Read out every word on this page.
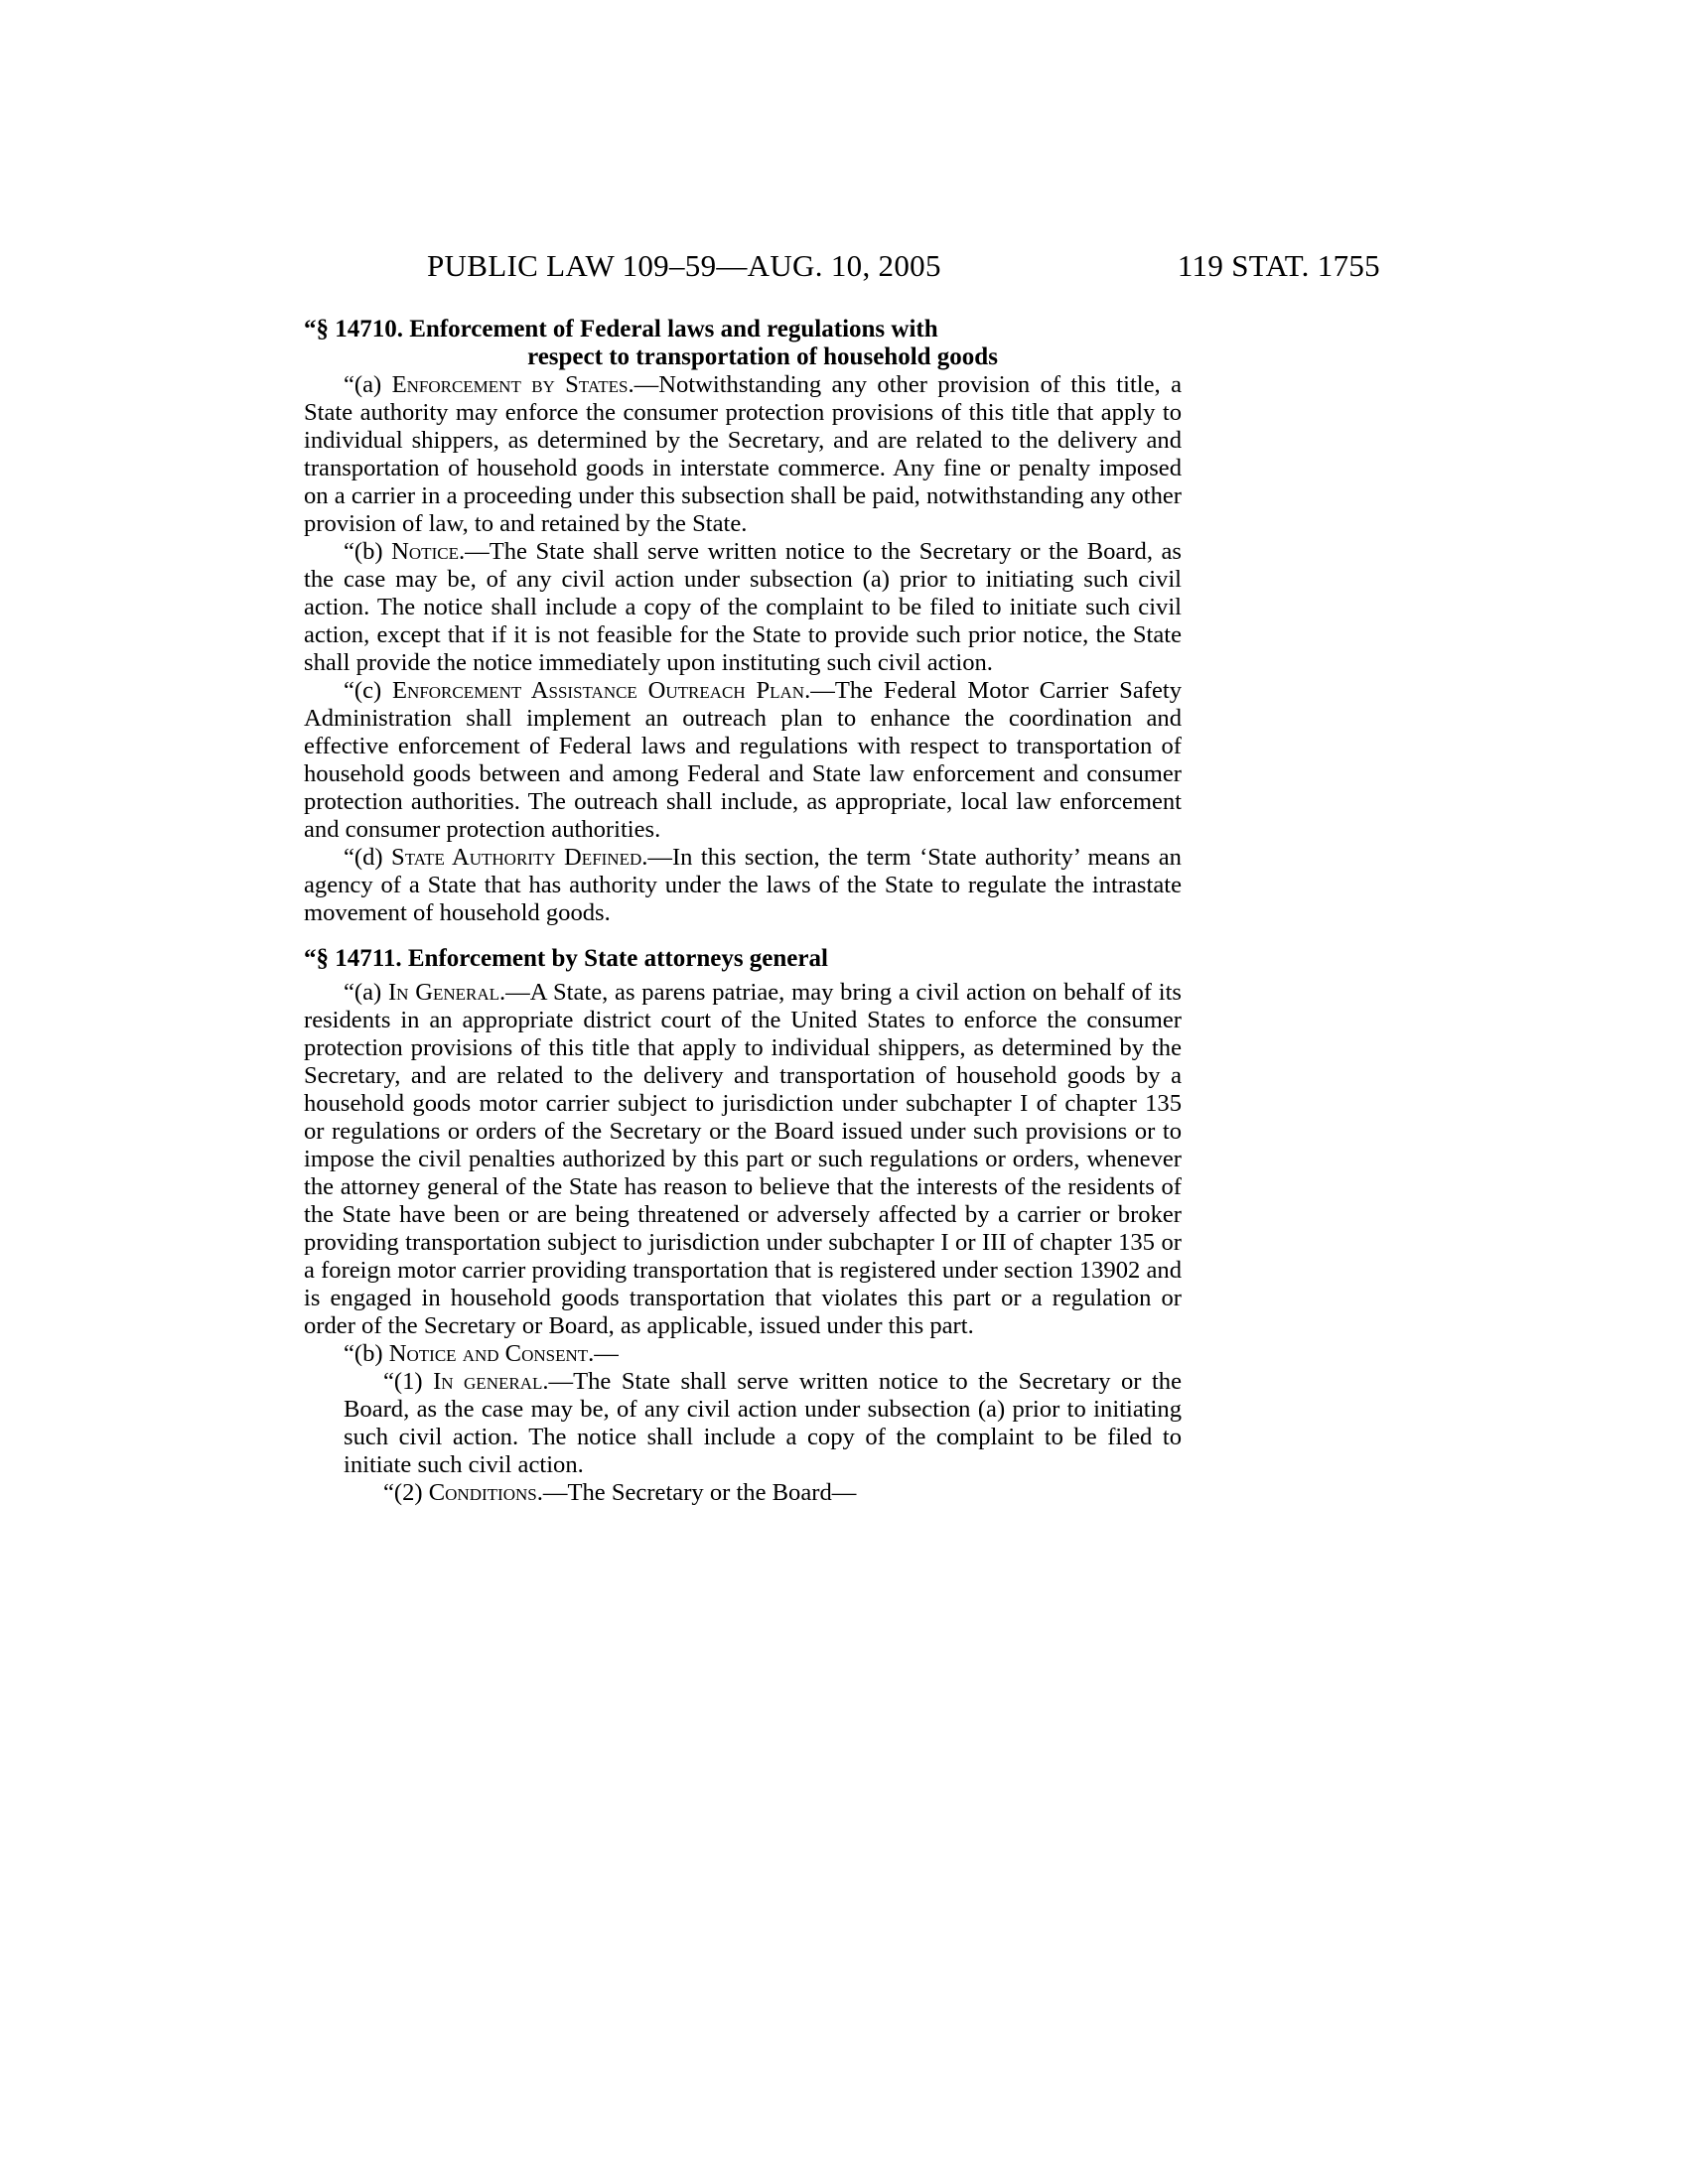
PUBLIC LAW 109–59—AUG. 10, 2005	119 STAT. 1755
“§ 14710. Enforcement of Federal laws and regulations with
respect to transportation of household goods

“(a) Enforcement by States.—Notwithstanding any other provision of this title, a State authority may enforce the consumer protection provisions of this title that apply to individual shippers, as determined by the Secretary, and are related to the delivery and transportation of household goods in interstate commerce. Any fine or penalty imposed on a carrier in a proceeding under this subsection shall be paid, notwithstanding any other provision of law, to and retained by the State.

“(b) Notice.—The State shall serve written notice to the Secretary or the Board, as the case may be, of any civil action under subsection (a) prior to initiating such civil action. The notice shall include a copy of the complaint to be filed to initiate such civil action, except that if it is not feasible for the State to provide such prior notice, the State shall provide the notice immediately upon instituting such civil action.

“(c) Enforcement Assistance Outreach Plan.—The Federal Motor Carrier Safety Administration shall implement an outreach plan to enhance the coordination and effective enforcement of Federal laws and regulations with respect to transportation of household goods between and among Federal and State law enforcement and consumer protection authorities. The outreach shall include, as appropriate, local law enforcement and consumer protection authorities.

“(d) State Authority Defined.—In this section, the term ‘State authority’ means an agency of a State that has authority under the laws of the State to regulate the intrastate movement of household goods.

“§ 14711. Enforcement by State attorneys general

“(a) In General.—A State, as parens patriae, may bring a civil action on behalf of its residents in an appropriate district court of the United States to enforce the consumer protection provisions of this title that apply to individual shippers, as determined by the Secretary, and are related to the delivery and transportation of household goods by a household goods motor carrier subject to jurisdiction under subchapter I of chapter 135 or regulations or orders of the Secretary or the Board issued under such provisions or to impose the civil penalties authorized by this part or such regulations or orders, whenever the attorney general of the State has reason to believe that the interests of the residents of the State have been or are being threatened or adversely affected by a carrier or broker providing transportation subject to jurisdiction under subchapter I or III of chapter 135 or a foreign motor carrier providing transportation that is registered under section 13902 and is engaged in household goods transportation that violates this part or a regulation or order of the Secretary or Board, as applicable, issued under this part.

“(b) Notice and Consent.—

“(1) In general.—The State shall serve written notice to the Secretary or the Board, as the case may be, of any civil action under subsection (a) prior to initiating such civil action. The notice shall include a copy of the complaint to be filed to initiate such civil action.

“(2) Conditions.—The Secretary or the Board—
